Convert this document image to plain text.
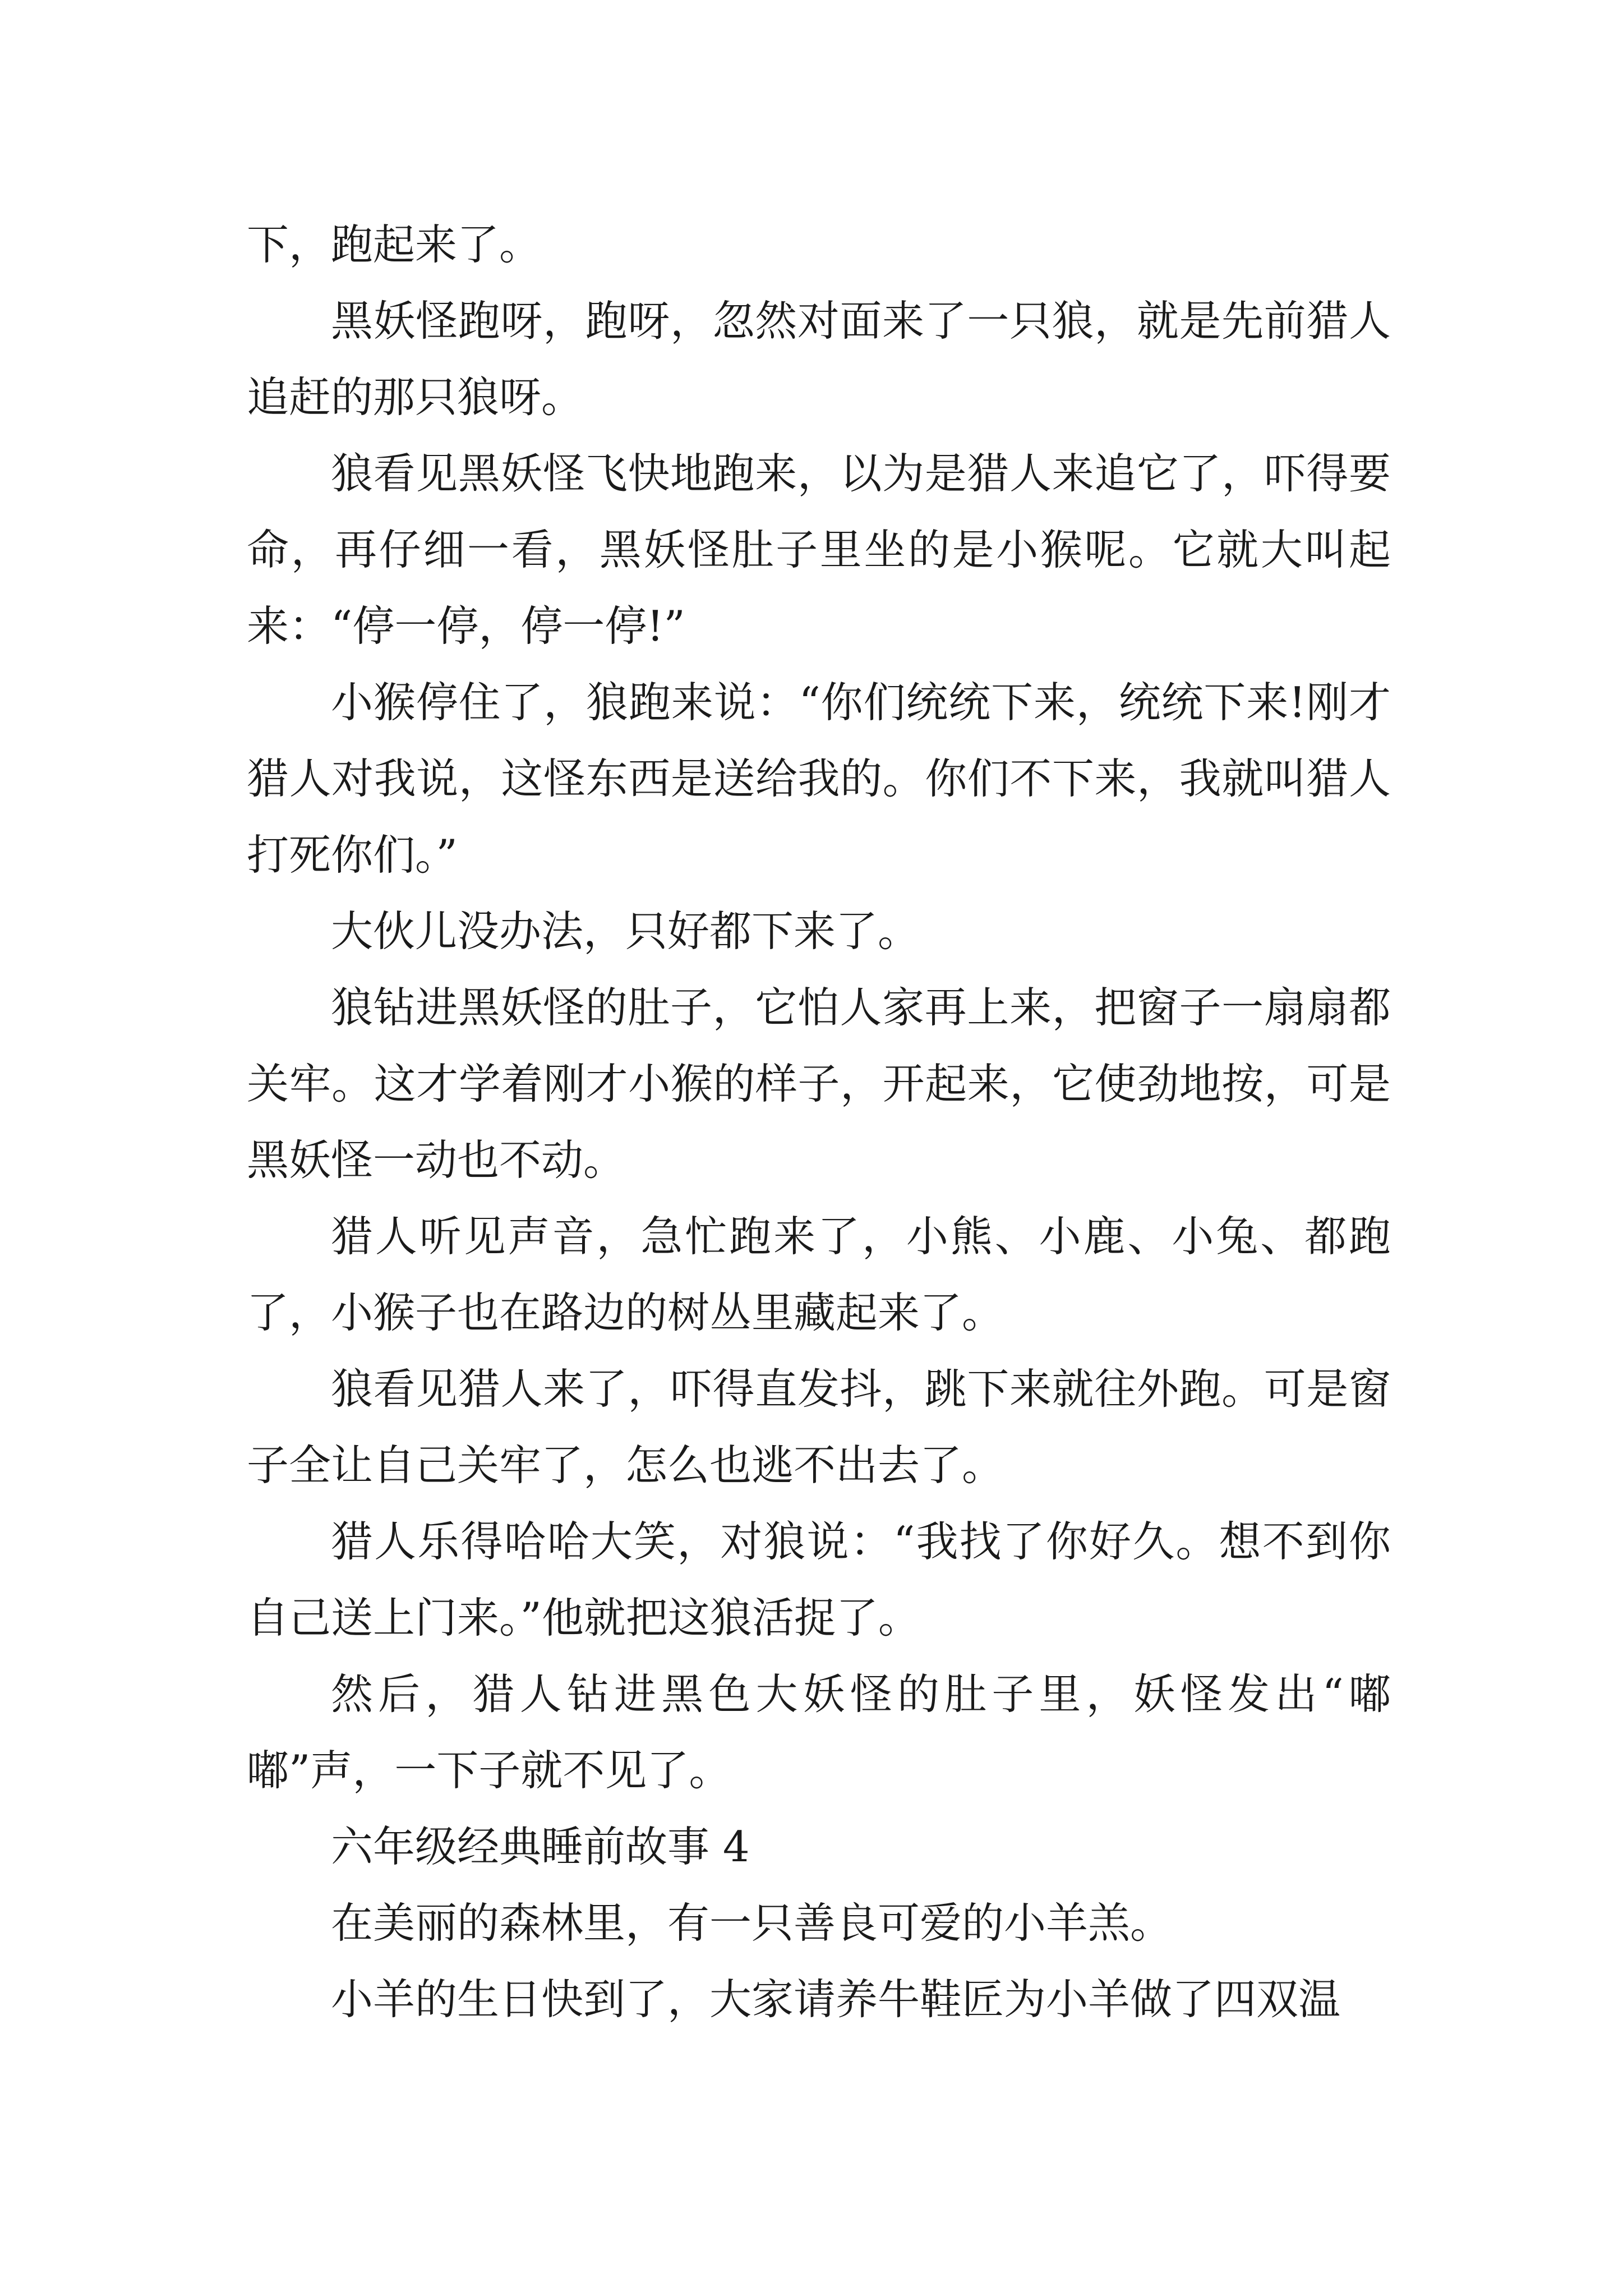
下，跑起来了。

黑妖怪跑呀，跑呀，忽然对面来了一只狼，就是先前猎人追赶的那只狼呀。

狼看见黑妖怪飞快地跑来，以为是猎人来追它了，吓得要命，再仔细一看，黑妖怪肚子里坐的是小猴呢。它就大叫起来：“停一停，停一停!”

小猴停住了，狼跑来说：“你们统统下来，统统下来!刚才猎人对我说，这怪东西是送给我的。你们不下来，我就叫猎人打死你们。”

大伙儿没办法，只好都下来了。

狼钻进黑妖怪的肚子，它怕人家再上来，把窗子一扇扇都关牢。这才学着刚才小猴的样子，开起来，它使劲地按，可是黑妖怪一动也不动。

猎人听见声音，急忙跑来了，小熊、小鹿、小兔、都跑了，小猴子也在路边的树丛里藏起来了。

狼看见猎人来了，吓得直发抖，跳下来就往外跑。可是窗子全让自己关牢了，怎么也逃不出去了。

猎人乐得哈哈大笑，对狼说：“我找了你好久。想不到你自己送上门来。”他就把这狼活捉了。

然后，猎人钻进黑色大妖怪的肚子里，妖怪发出“嘟嘟”声，一下子就不见了。

六年级经典睡前故事 4

在美丽的森林里，有一只善良可爱的小羊羔。

小羊的生日快到了，大家请养牛鞋匠为小羊做了四双温
